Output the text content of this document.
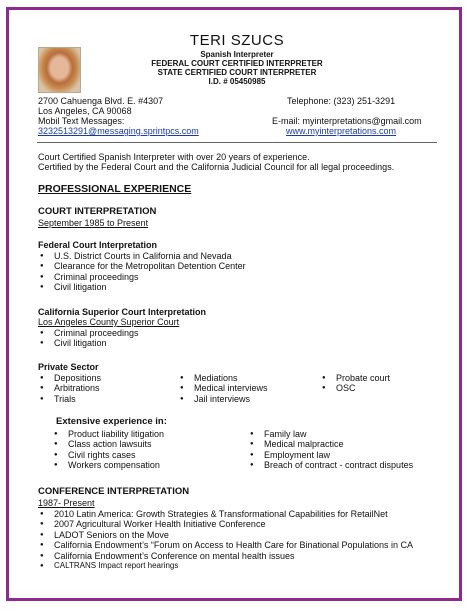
TERI SZUCS
Spanish Interpreter
FEDERAL COURT CERTIFIED INTERPRETER
STATE CERTIFIED COURT INTERPRETER
I.D. # 05450985
2700 Cahuenga Blvd. E. #4307
Los Angeles, CA 90068
Mobil Text Messages:
3232513291@messaging.sprintpcs.com
Telephone: (323) 251-3291
E-mail: myinterpretations@gmail.com
www.myinterpretations.com
Court Certified Spanish Interpreter with over 20 years of experience.
Certified by the Federal Court and the California Judicial Council for all legal proceedings.
PROFESSIONAL EXPERIENCE
COURT INTERPRETATION
September 1985 to Present
Federal Court Interpretation
● U.S. District Courts in California and Nevada
● Clearance for the Metropolitan Detention Center
● Criminal proceedings
● Civil litigation
California Superior Court Interpretation
Los Angeles County Superior Court
● Criminal proceedings
● Civil litigation
Private Sector
● Depositions
● Arbitrations
● Trials
● Mediations
● Medical interviews
● Jail interviews
● Probate court
● OSC
Extensive experience in:
● Product liability litigation
● Class action lawsuits
● Civil rights cases
● Workers compensation
● Family law
● Medical malpractice
● Employment law
● Breach of contract - contract disputes
CONFERENCE INTERPRETATION
1987- Present
● 2010 Latin America: Growth Strategies & Transformational Capabilities for RetailNet
● 2007 Agricultural Worker Health Initiative Conference
● LADOT Seniors on the Move
● California Endowment’s “Forum on Access to Health Care for Binational Populations in CA
● California Endowment’s Conference on mental health issues
● CALTRANS Impact report hearings
